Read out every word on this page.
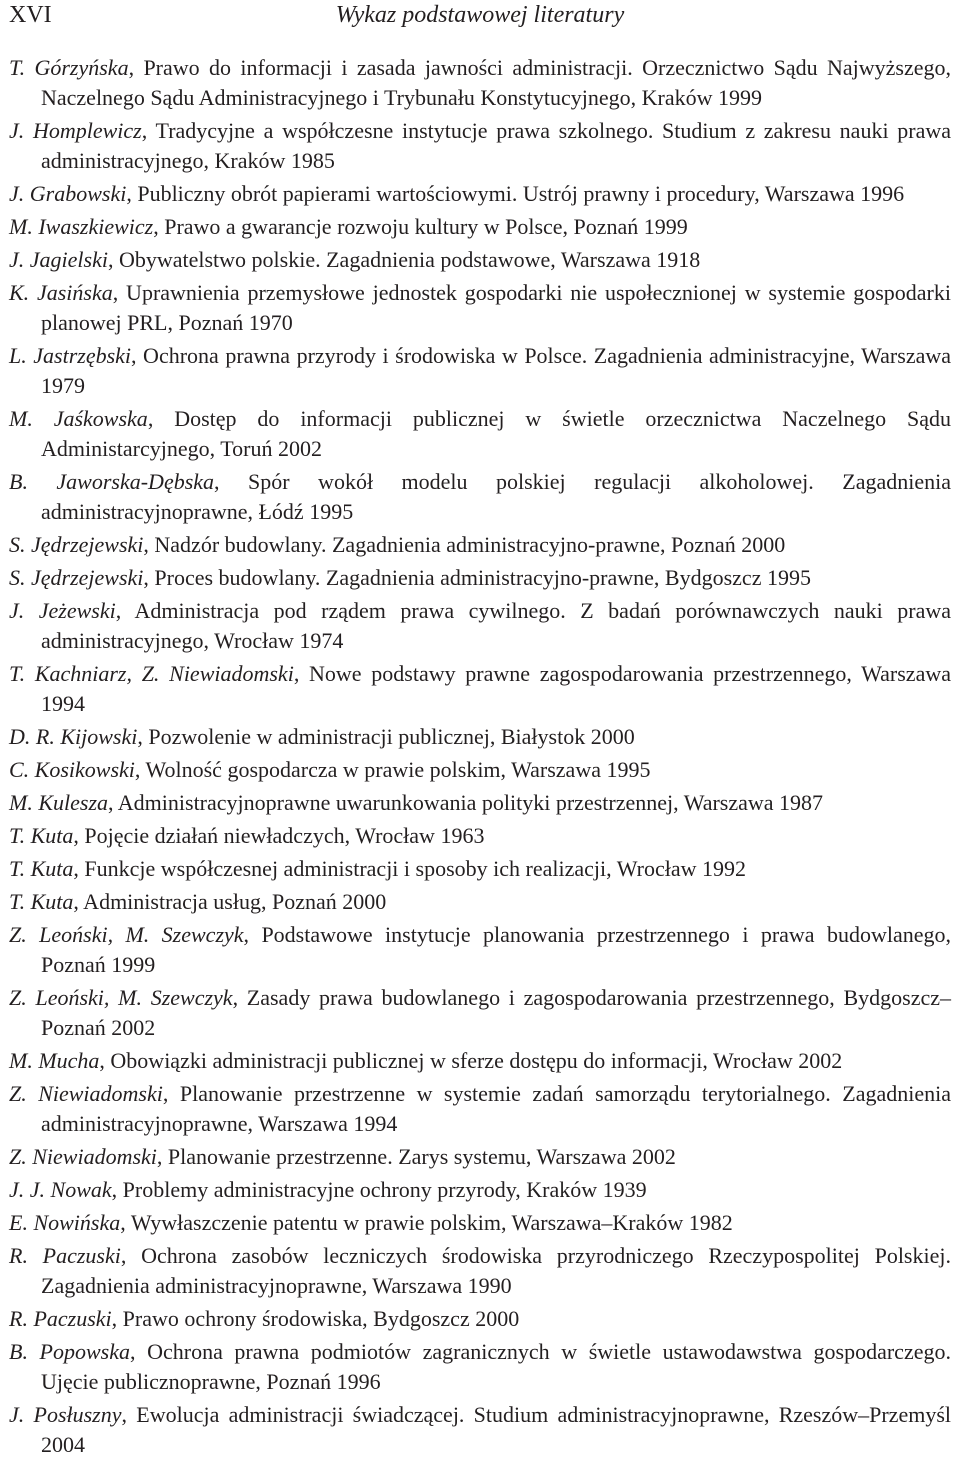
XVI	Wykaz podstawowej literatury

T. Górzyńska, Prawo do informacji i zasada jawności administracji. Orzecznictwo Sądu Najwyższego, Naczelnego Sądu Administracyjnego i Trybunału Konstytucyjnego, Kraków 1999

J. Homplewicz, Tradycyjne a współczesne instytucje prawa szkolnego. Studium z zakresu nauki prawa administracyjnego, Kraków 1985

J. Grabowski, Publiczny obrót papierami wartościowymi. Ustrój prawny i procedury, Warszawa 1996

M. Iwaszkiewicz, Prawo a gwarancje rozwoju kultury w Polsce, Poznań 1999

J. Jagielski, Obywatelstwo polskie. Zagadnienia podstawowe, Warszawa 1918

K. Jasińska, Uprawnienia przemysłowe jednostek gospodarki nie uspołecznionej w systemie gospodarki planowej PRL, Poznań 1970

L. Jastrzębski, Ochrona prawna przyrody i środowiska w Polsce. Zagadnienia administracyjne, Warszawa 1979

M. Jaśkowska, Dostęp do informacji publicznej w świetle orzecznictwa Naczelnego Sądu Administarcyjnego, Toruń 2002

B. Jaworska-Dębska, Spór wokół modelu polskiej regulacji alkoholowej. Zagadnienia administracyjnoprawne, Łódź 1995

S. Jędrzejewski, Nadzór budowlany. Zagadnienia administracyjno-prawne, Poznań 2000

S. Jędrzejewski, Proces budowlany. Zagadnienia administracyjno-prawne, Bydgoszcz 1995

J. Jeżewski, Administracja pod rządem prawa cywilnego. Z badań porównawczych nauki prawa administracyjnego, Wrocław 1974

T. Kachniarz, Z. Niewiadomski, Nowe podstawy prawne zagospodarowania przestrzennego, Warszawa 1994

D. R. Kijowski, Pozwolenie w administracji publicznej, Białystok 2000

C. Kosikowski, Wolność gospodarcza w prawie polskim, Warszawa 1995

M. Kulesza, Administracyjnoprawne uwarunkowania polityki przestrzennej, Warszawa 1987

T. Kuta, Pojęcie działań niewładczych, Wrocław 1963

T. Kuta, Funkcje współczesnej administracji i sposoby ich realizacji, Wrocław 1992

T. Kuta, Administracja usług, Poznań 2000

Z. Leoński, M. Szewczyk, Podstawowe instytucje planowania przestrzennego i prawa budowlanego, Poznań 1999

Z. Leoński, M. Szewczyk, Zasady prawa budowlanego i zagospodarowania przestrzennego, Bydgoszcz–Poznań 2002

M. Mucha, Obowiązki administracji publicznej w sferze dostępu do informacji, Wrocław 2002

Z. Niewiadomski, Planowanie przestrzenne w systemie zadań samorządu terytorialnego. Zagadnienia administracyjnoprawne, Warszawa 1994

Z. Niewiadomski, Planowanie przestrzenne. Zarys systemu, Warszawa 2002

J. J. Nowak, Problemy administracyjne ochrony przyrody, Kraków 1939

E. Nowińska, Wywłaszczenie patentu w prawie polskim, Warszawa–Kraków 1982

R. Paczuski, Ochrona zasobów leczniczych środowiska przyrodniczego Rzeczypospolitej Polskiej. Zagadnienia administracyjnoprawne, Warszawa 1990

R. Paczuski, Prawo ochrony środowiska, Bydgoszcz 2000

B. Popowska, Ochrona prawna podmiotów zagranicznych w świetle ustawodawstwa gospodarczego. Ujęcie publicznoprawne, Poznań 1996

J. Posłuszny, Ewolucja administracji świadczącej. Studium administracyjnoprawne, Rzeszów–Przemyśl 2004
